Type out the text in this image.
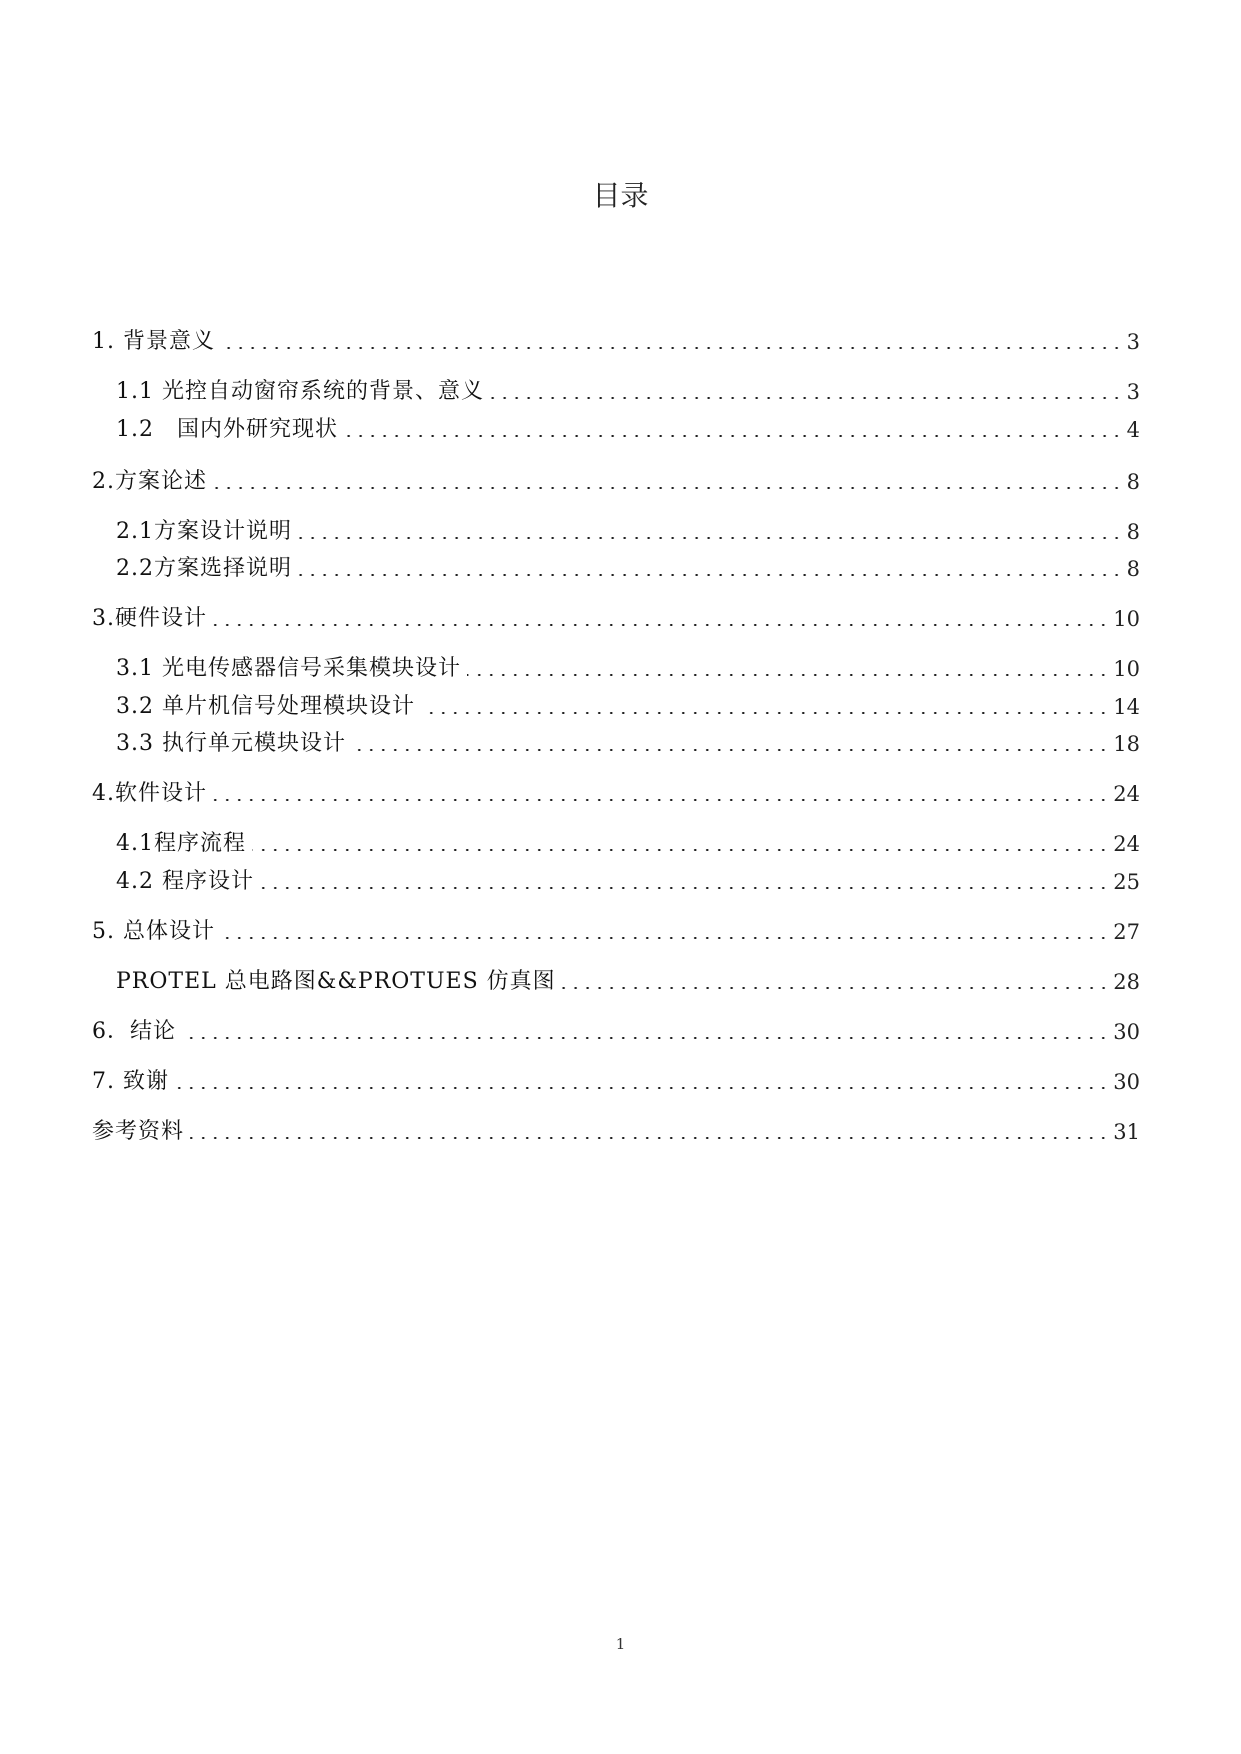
目录
1. 背景意义	3
1.1 光控自动窗帘系统的背景、意义	3
1.2　国内外研究现状	4
2.方案论述	8
2.1方案设计说明	8
2.2方案选择说明	8
3.硬件设计	10
3.1 光电传感器信号采集模块设计	10
3.2 单片机信号处理模块设计	14
3.3 执行单元模块设计	18
4.软件设计	24
4.1程序流程	24
4.2 程序设计	25
5. 总体设计	27
PROTEL 总电路图&&PROTUES 仿真图	28
6．结论	30
7. 致谢	30
参考资料	31
1
